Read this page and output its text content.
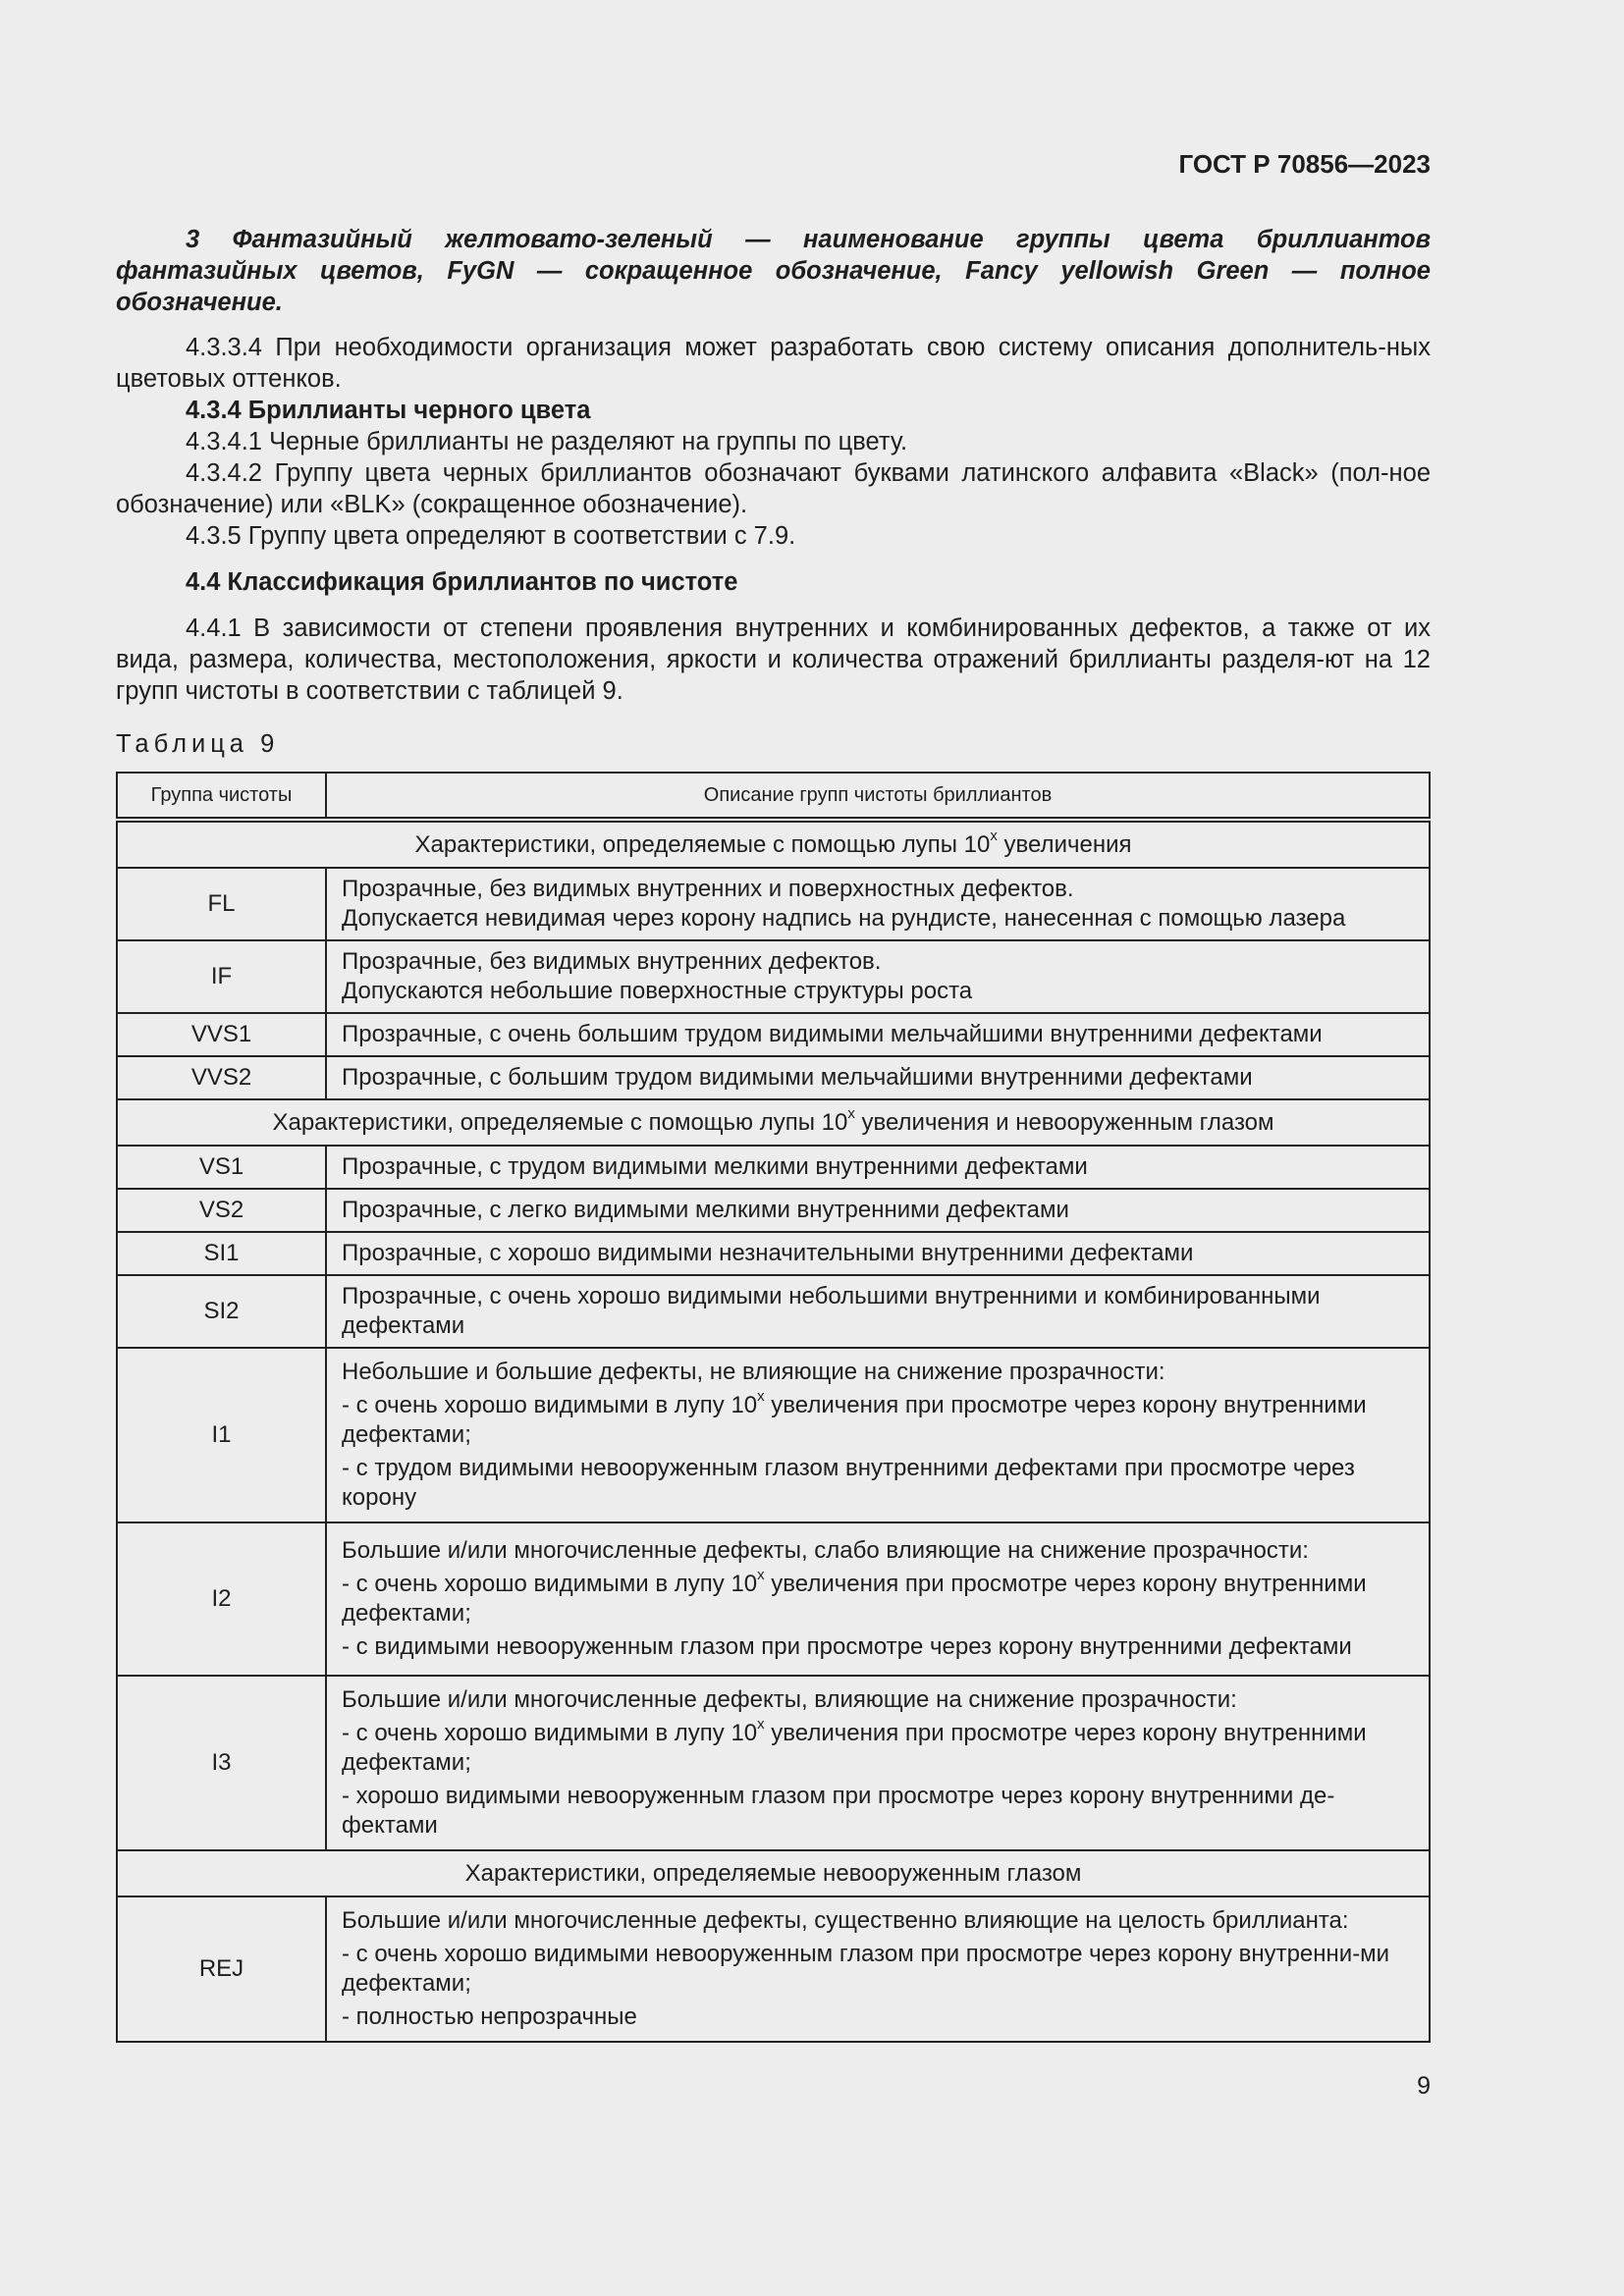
ГОСТ Р 70856—2023

3 Фантазийный желтовато-зеленый — наименование группы цвета бриллиантов фантазийных цветов, FyGN — сокращенное обозначение, Fancy yellowish Green — полное обозначение.

4.3.3.4 При необходимости организация может разработать свою систему описания дополнитель-ных цветовых оттенков.

4.3.4 Бриллианты черного цвета

4.3.4.1 Черные бриллианты не разделяют на группы по цвету.

4.3.4.2 Группу цвета черных бриллиантов обозначают буквами латинского алфавита «Black» (пол-ное обозначение) или «BLK» (сокращенное обозначение).

4.3.5 Группу цвета определяют в соответствии с 7.9.

4.4 Классификация бриллиантов по чистоте

4.4.1 В зависимости от степени проявления внутренних и комбинированных дефектов, а также от их вида, размера, количества, местоположения, яркости и количества отражений бриллианты разделя-ют на 12 групп чистоты в соответствии с таблицей 9.

Таблица 9

Группа чистоты	Описание групп чистоты бриллиантов
Характеристики, определяемые с помощью лупы 10$^x$ увеличения	
FL	Прозрачные, без видимых внутренних и поверхностных дефектов.
Допускается невидимая через корону надпись на рундисте, нанесенная с помощью лазера

IF	Прозрачные, без видимых внутренних дефектов.
Допускаются небольшие поверхностные структуры роста

VVS1	Прозрачные, с очень большим трудом видимыми мельчайшими внутренними дефектами
VVS2	Прозрачные, с большим трудом видимыми мельчайшими внутренними дефектами
Характеристики, определяемые с помощью лупы 10$^x$ увеличения и невооруженным глазом	
VS1	Прозрачные, с трудом видимыми мелкими внутренними дефектами
VS2	Прозрачные, с легко видимыми мелкими внутренними дефектами
SI1	Прозрачные, с хорошо видимыми незначительными внутренними дефектами
SI2	Прозрачные, с очень хорошо видимыми небольшими внутренними и комбинированными дефектами
I1	Небольшие и большие дефекты, не влияющие на снижение прозрачности:
- с очень хорошо видимыми в лупу 10$^x$ увеличения при просмотре через корону внутренними дефектами;
- с трудом видимыми невооруженным глазом внутренними дефектами при просмотре через корону

I2	Большие и/или многочисленные дефекты, слабо влияющие на снижение прозрачности:
- с очень хорошо видимыми в лупу 10$^x$ увеличения при просмотре через корону внутренними дефектами;
- с видимыми невооруженным глазом при просмотре через корону внутренними дефектами

I3	Большие и/или многочисленные дефекты, влияющие на снижение прозрачности:
- с очень хорошо видимыми в лупу 10$^x$ увеличения при просмотре через корону внутренними дефектами;
- хорошо видимыми невооруженным глазом при просмотре через корону внутренними де-фектами

Характеристики, определяемые невооруженным глазом	
REJ	Большие и/или многочисленные дефекты, существенно влияющие на целость бриллианта:
- с очень хорошо видимыми невооруженным глазом при просмотре через корону внутренни-ми дефектами;
- полностью непрозрачные
9
